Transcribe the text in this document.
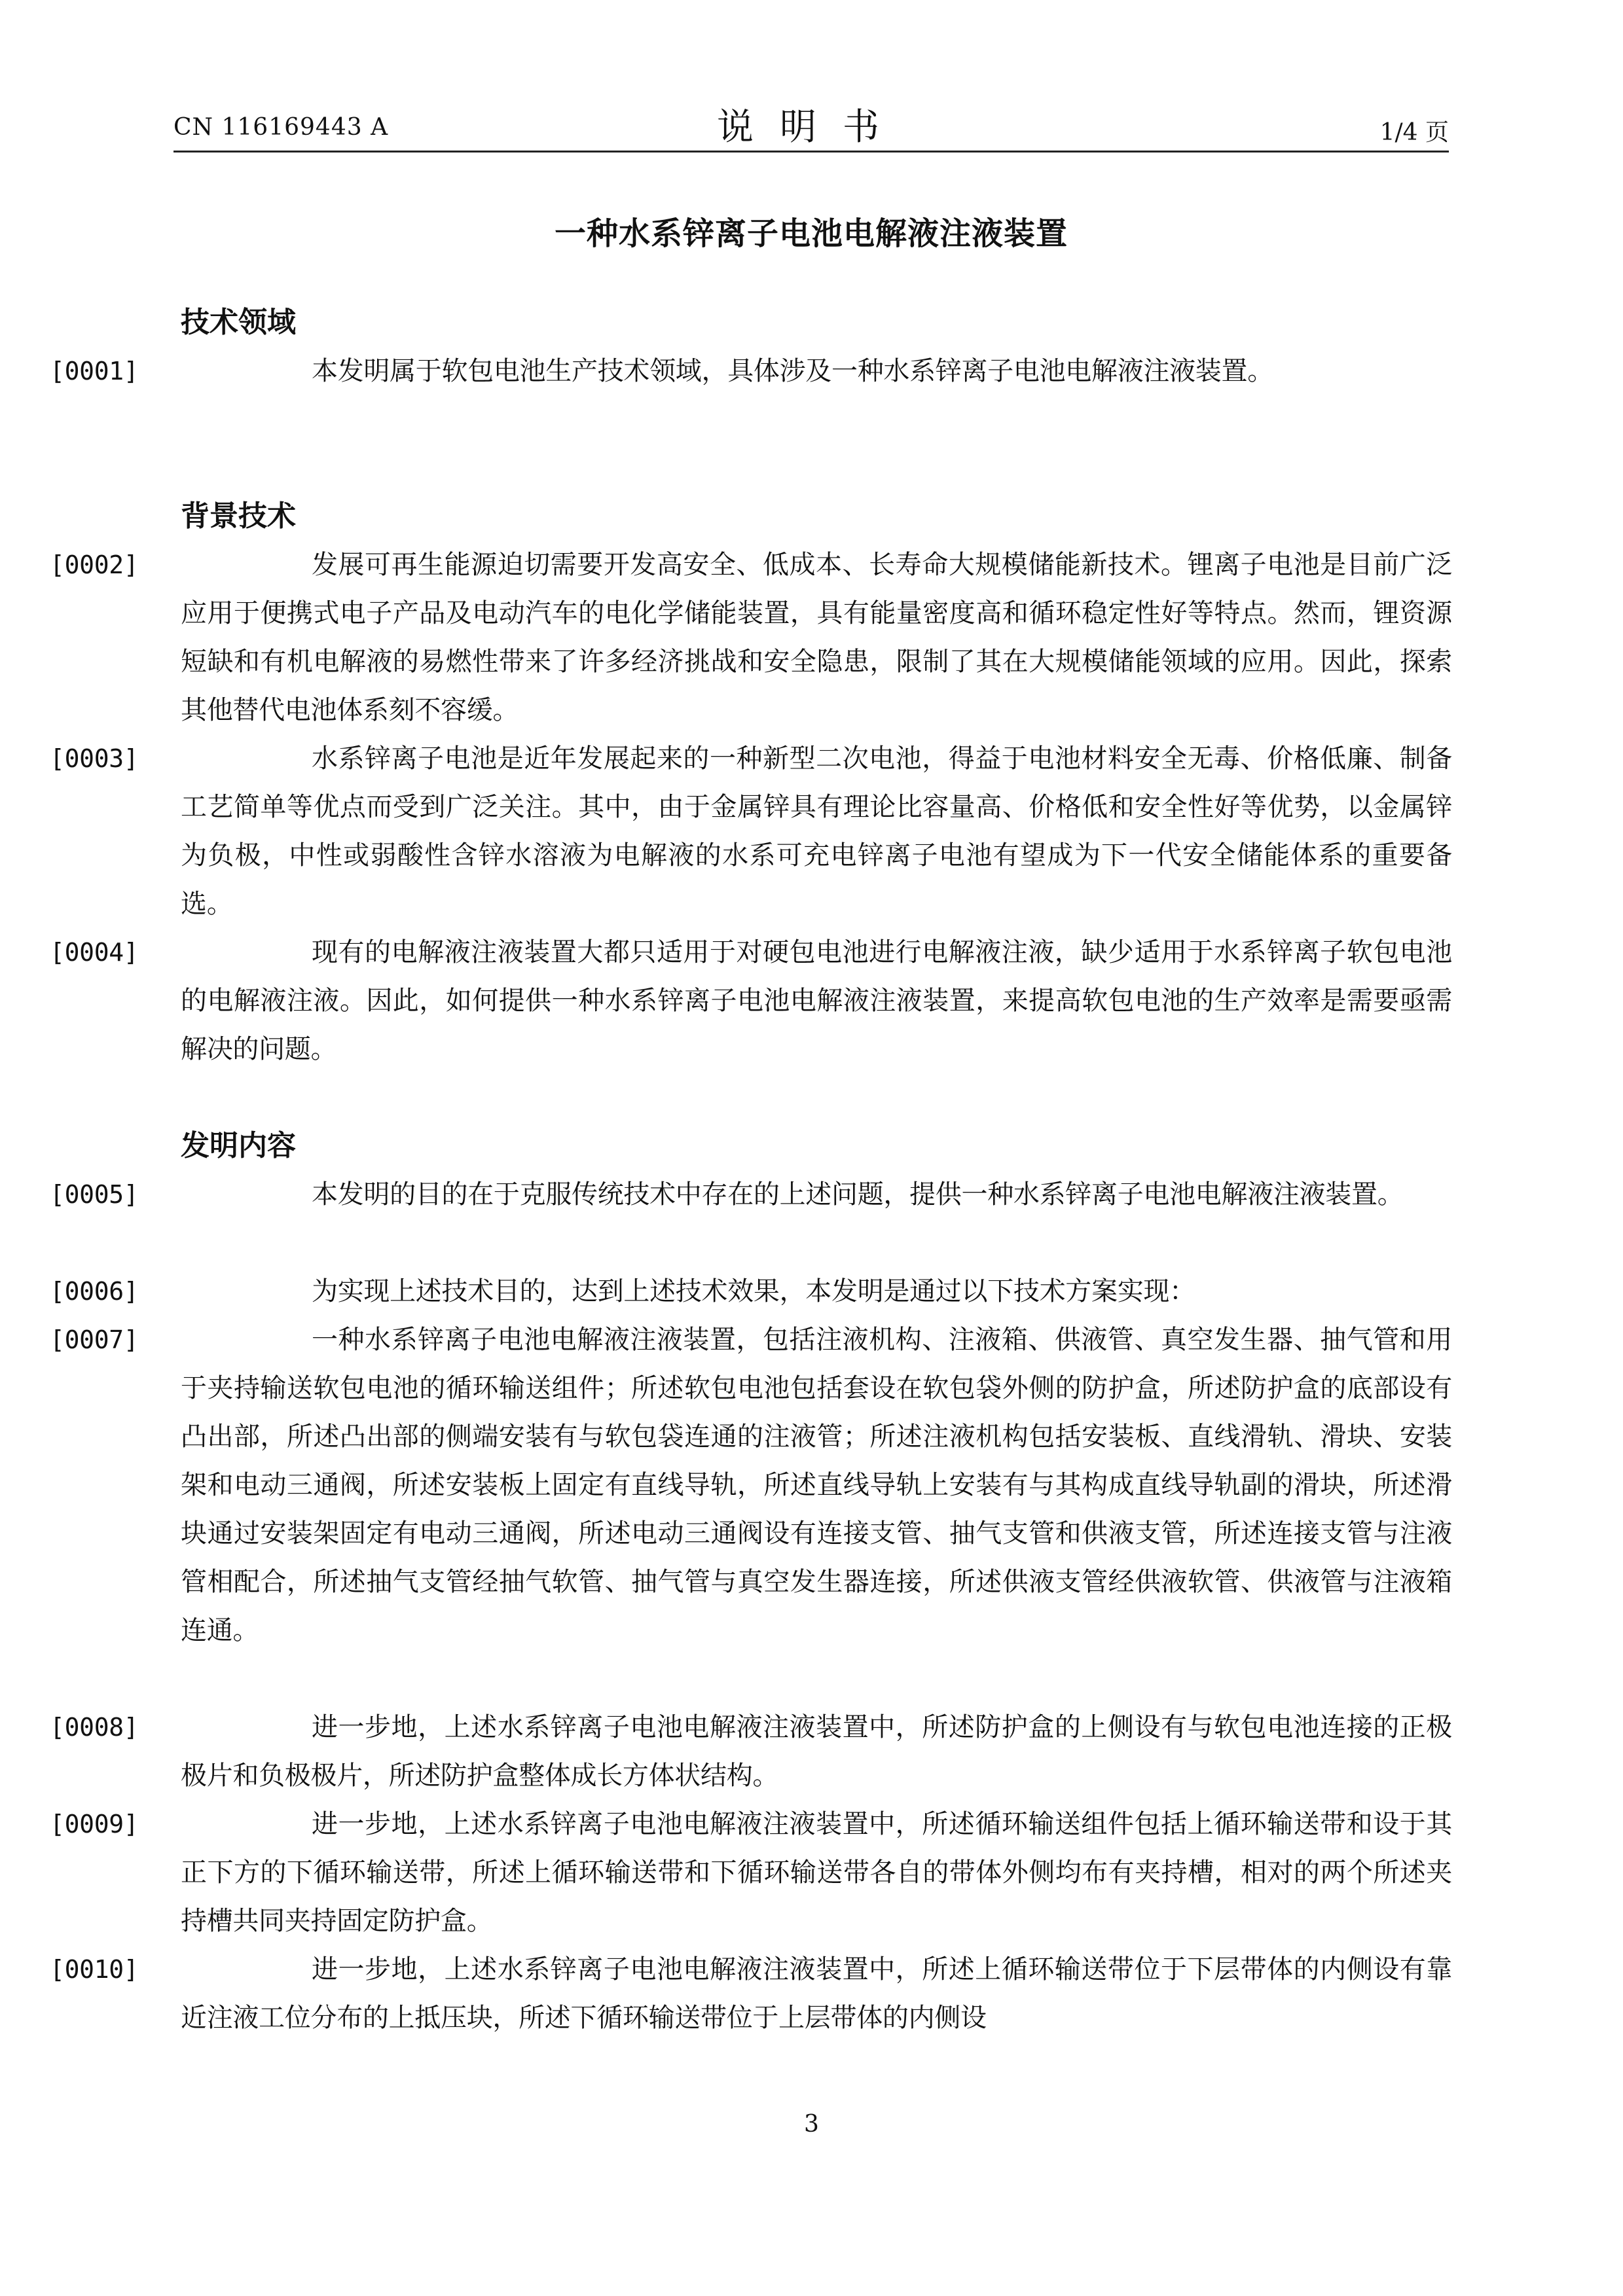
CN 116169443 A	说明书	1/4 页
一种水系锌离子电池电解液注液装置
技术领域
[0001]	本发明属于软包电池生产技术领域，具体涉及一种水系锌离子电池电解液注液装置。
背景技术
[0002]	发展可再生能源迫切需要开发高安全、低成本、长寿命大规模储能新技术。锂离子电池是目前广泛应用于便携式电子产品及电动汽车的电化学储能装置，具有能量密度高和循环稳定性好等特点。然而，锂资源短缺和有机电解液的易燃性带来了许多经济挑战和安全隐患，限制了其在大规模储能领域的应用。因此，探索其他替代电池体系刻不容缓。
[0003]	水系锌离子电池是近年发展起来的一种新型二次电池，得益于电池材料安全无毒、价格低廉、制备工艺简单等优点而受到广泛关注。其中，由于金属锌具有理论比容量高、价格低和安全性好等优势，以金属锌为负极，中性或弱酸性含锌水溶液为电解液的水系可充电锌离子电池有望成为下一代安全储能体系的重要备选。
[0004]	现有的电解液注液装置大都只适用于对硬包电池进行电解液注液，缺少适用于水系锌离子软包电池的电解液注液。因此，如何提供一种水系锌离子电池电解液注液装置，来提高软包电池的生产效率是需要亟需解决的问题。
发明内容
[0005]	本发明的目的在于克服传统技术中存在的上述问题，提供一种水系锌离子电池电解液注液装置。
[0006]	为实现上述技术目的，达到上述技术效果，本发明是通过以下技术方案实现：
[0007]	一种水系锌离子电池电解液注液装置，包括注液机构、注液箱、供液管、真空发生器、抽气管和用于夹持输送软包电池的循环输送组件；所述软包电池包括套设在软包袋外侧的防护盒，所述防护盒的底部设有凸出部，所述凸出部的侧端安装有与软包袋连通的注液管；所述注液机构包括安装板、直线滑轨、滑块、安装架和电动三通阀，所述安装板上固定有直线导轨，所述直线导轨上安装有与其构成直线导轨副的滑块，所述滑块通过安装架固定有电动三通阀，所述电动三通阀设有连接支管、抽气支管和供液支管，所述连接支管与注液管相配合，所述抽气支管经抽气软管、抽气管与真空发生器连接，所述供液支管经供液软管、供液管与注液箱连通。
[0008]	进一步地，上述水系锌离子电池电解液注液装置中，所述防护盒的上侧设有与软包电池连接的正极极片和负极极片，所述防护盒整体成长方体状结构。
[0009]	进一步地，上述水系锌离子电池电解液注液装置中，所述循环输送组件包括上循环输送带和设于其正下方的下循环输送带，所述上循环输送带和下循环输送带各自的带体外侧均布有夹持槽，相对的两个所述夹持槽共同夹持固定防护盒。
[0010]	进一步地，上述水系锌离子电池电解液注液装置中，所述上循环输送带位于下层带体的内侧设有靠近注液工位分布的上抵压块，所述下循环输送带位于上层带体的内侧设
3
